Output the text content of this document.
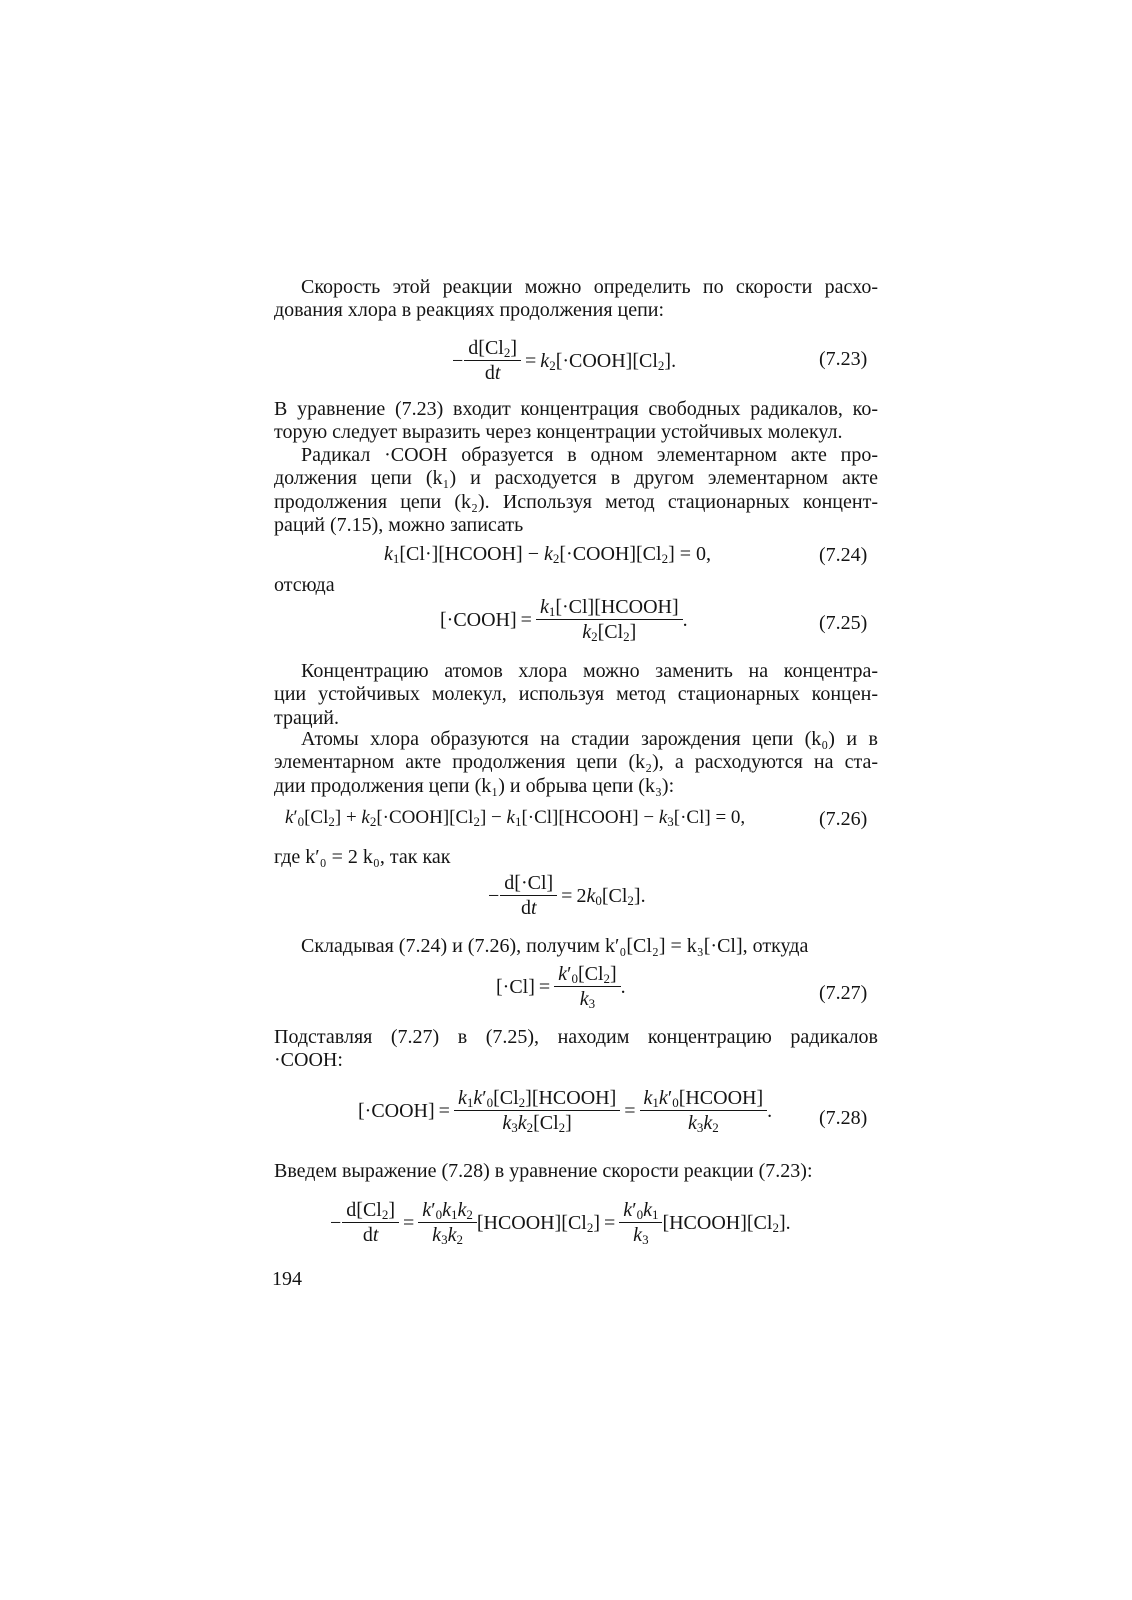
Скорость этой реакции можно определить по скорости расхо-
дования хлора в реакциях продолжения цепи:

− $\frac{d[Cl_2]}{dt}$ = $k_2[\cdot COOH][Cl_2]$.	(7.23)

В уравнение (7.23) входит концентрация свободных радикалов, ко-
торую следует выразить через концентрации устойчивых молекул.

Радикал ·COOH образуется в одном элементарном акте про-
должения цепи (k₁) и расходуется в другом элементарном акте
продолжения цепи (k₂). Используя метод стационарных концент-
раций (7.15), можно записать

$k_1[Cl\cdot][HCOOH]$ − $k_2[\cdot COOH][Cl_2] = 0$,	(7.24)
отсюда
[·COOH] = $\frac{k_1[\cdot Cl][HCOOH]}{k_2[Cl_2]}$ .	(7.25)

Концентрацию атомов хлора можно заменить на концентра-
ции устойчивых молекул, используя метод стационарных концен-
траций.

Атомы хлора образуются на стадии зарождения цепи (k₀) и в
элементарном акте продолжения цепи (k₂), а расходуются на ста-
дии продолжения цепи (k₁) и обрыва цепи (k₃):

$k'_0[Cl_2]$ + $k_2[\cdot COOH][Cl_2]$ − $k_1[\cdot Cl][HCOOH] - k_3[\cdot Cl] = 0$,	(7.26)
где k′₀ = 2 k₀, так как
− $\frac{d[\cdot Cl]}{dt} = 2k_0[Cl_2]$.

Складывая (7.24) и (7.26), получим k′₀[Cl₂] = k₃[·Cl], откуда

$[\cdot Cl] = \frac{k'_0[Cl_2]}{k_3}$ .	(7.27)

Подставляя (7.27) в (7.25), находим концентрацию радикалов
·COOH:

[·COOH] = $\frac{k_1k'_0[Cl_2][HCOOH]}{k_3k_2[Cl_2]} = \frac{k_1k'_0[HCOOH]}{k_3k_2}$ . (7.28)

Введем выражение (7.28) в уравнение скорости реакции (7.23):

− $\frac{d[Cl_2]}{dt} = \frac{k'_0k_1k_2}{k_3k_2}$ $[HCOOH][Cl_2] = \frac{k'_0k_1}{k_3}$ $[HCOOH][Cl_2]$.
194
